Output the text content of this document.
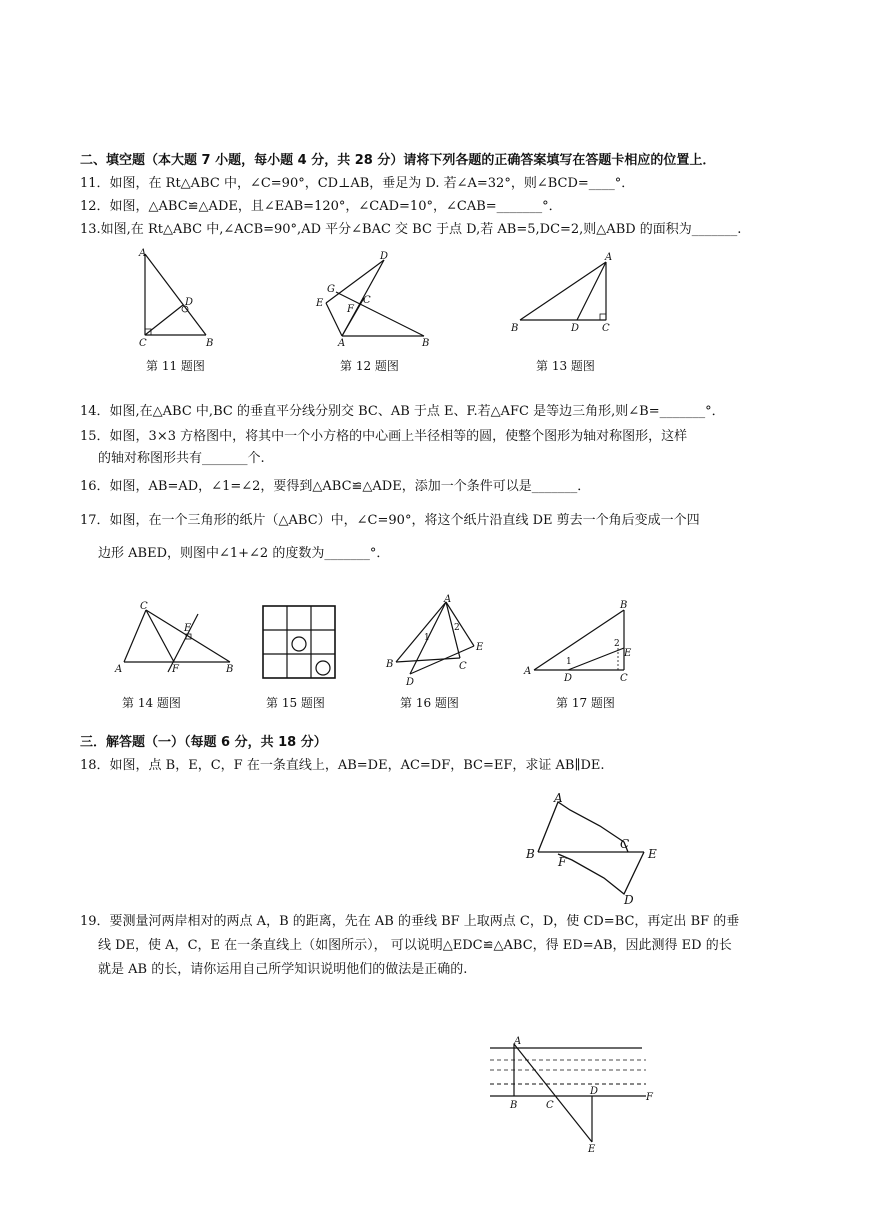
二、填空题（本大题 7 小题，每小题 4 分，共 28 分）请将下列各题的正确答案填写在答题卡相应的位置上．
11．如图，在 Rt△ABC 中，∠C=90°，CD⊥AB，垂足为 D. 若∠A=32°，则∠BCD=____°．
12．如图，△ABC≌△ADE，且∠EAB=120°，∠CAD=10°，∠CAB=_______°．
13.如图,在 Rt△ABC 中,∠ACB=90°,AD 平分∠BAC 交 BC 于点 D,若 AB=5,DC=2,则△ABD 的面积为_______.
A
B
C
D
D
G
E	C
F
A	B
A
B	D C
第 11 题图	第 12 题图	第 13 题图
14．如图,在△ABC 中,BC 的垂直平分线分别交 BC、AB 于点 E、F.若△AFC 是等边三角形,则∠B=_______°．
15．如图，3×3 方格图中，将其中一个小方格的中心画上半径相等的圆，使整个图形为轴对称图形，这样
的轴对称图形共有_______个.
16．如图，AB=AD，∠1=∠2，要得到△ABC≌△ADE，添加一个条件可以是_______．
17．如图，在一个三角形的纸片（△ABC）中，∠C=90°，将这个纸片沿直线 DE 剪去一个角后变成一个四
边形 ABED，则图中∠1+∠2 的度数为_______°．
C
E
A	F	B
A
1
2
E
B	C
D
B
2
E
1
A
D	C
第 14 题图	第 15 题图	第 16 题图	第 17 题图
三．解答题（一）（每题 6 分，共 18 分）
18．如图，点 B，E，C，F 在一条直线上，AB=DE，AC=DF，BC=EF，求证 AB∥DE.
A
B
F
C
E
D
19．要测量河两岸相对的两点 A，B 的距离，先在 AB 的垂线 BF 上取两点 C，D，使 CD=BC，再定出 BF 的垂
线 DE，使 A，C，E 在一条直线上（如图所示）， 可以说明△EDC≌△ABC，得 ED=AB，因此测得 ED 的长
就是 AB 的长，请你运用自己所学知识说明他们的做法是正确的.
A
B	C
D
F
E
